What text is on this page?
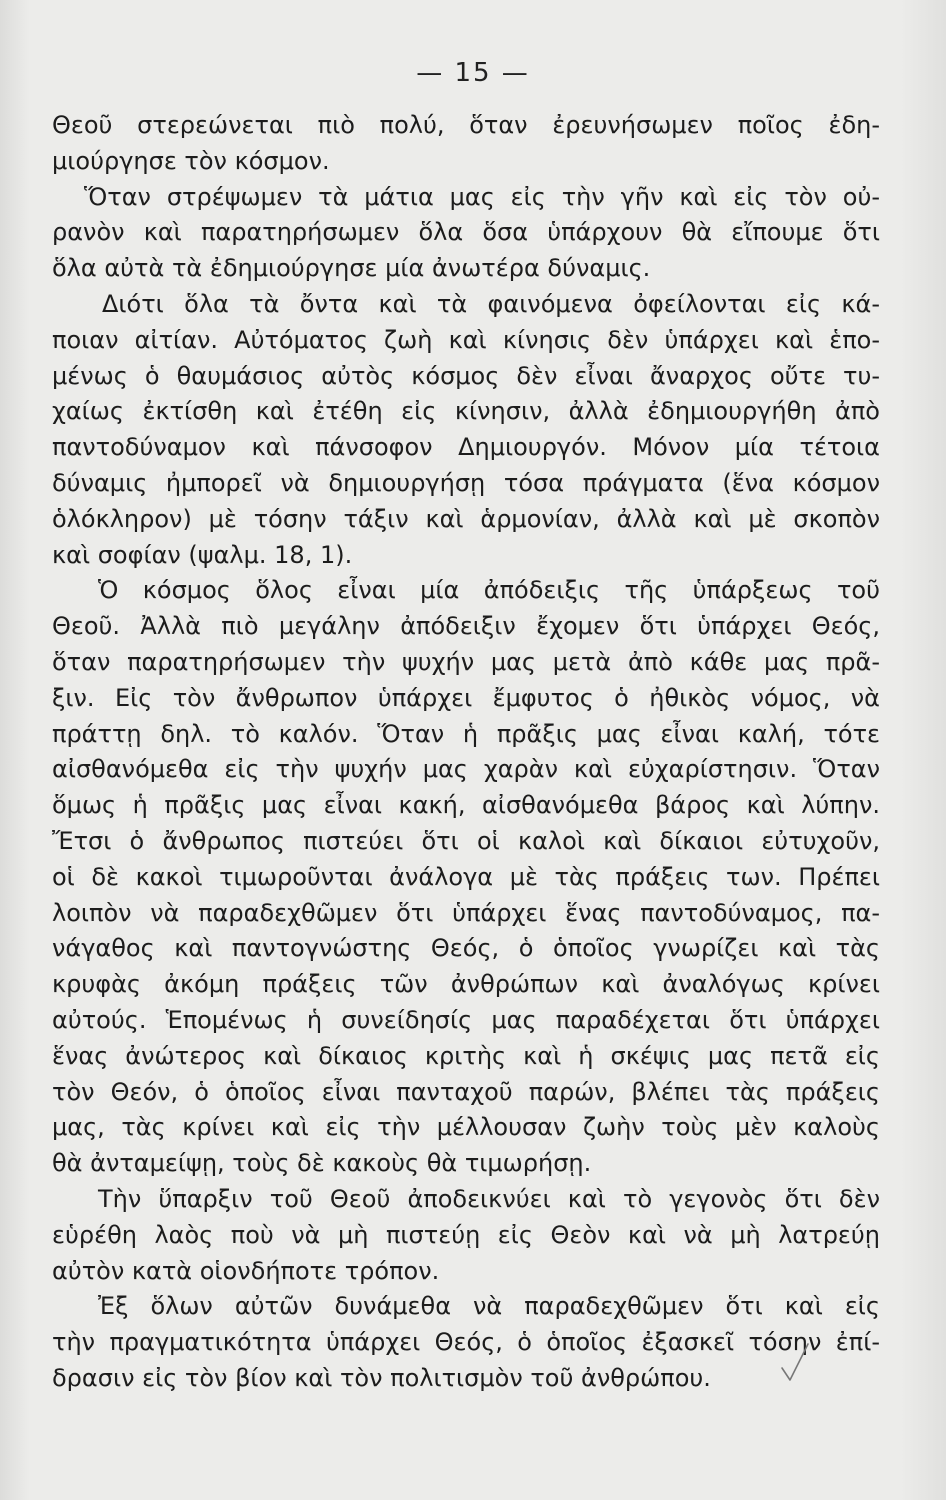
— 15 —
Θεοῦ στερεώνεται πιὸ πολύ, ὅταν ἐρευνήσωμεν ποῖος ἐδη-
μιούργησε τὸν κόσμον.
Ὅταν στρέψωμεν τὰ μάτια μας εἰς τὴν γῆν καὶ εἰς τὸν οὐ-
ρανὸν καὶ παρατηρήσωμεν ὅλα ὅσα ὑπάρχουν θὰ εἴπουμε ὅτι
ὅλα αὐτὰ τὰ ἐδημιούργησε μία ἀνωτέρα δύναμις.
Διότι ὅλα τὰ ὄντα καὶ τὰ φαινόμενα ὀφείλονται εἰς κά-
ποιαν αἰτίαν. Αὐτόματος ζωὴ καὶ κίνησις δὲν ὑπάρχει καὶ ἑπο-
μένως ὁ θαυμάσιος αὐτὸς κόσμος δὲν εἶναι ἄναρχος οὔτε τυ-
χαίως ἐκτίσθη καὶ ἐτέθη εἰς κίνησιν, ἀλλὰ ἐδημιουργήθη ἀπὸ
παντοδύναμον καὶ πάνσοφον Δημιουργόν. Μόνον μία τέτοια
δύναμις ἠμπορεῖ νὰ δημιουργήσῃ τόσα πράγματα (ἕνα κόσμον
ὁλόκληρον) μὲ τόσην τάξιν καὶ ἁρμονίαν, ἀλλὰ καὶ μὲ σκοπὸν
καὶ σοφίαν (ψαλμ. 18, 1).
Ὁ κόσμος ὅλος εἶναι μία ἀπόδειξις τῆς ὑπάρξεως τοῦ
Θεοῦ. Ἀλλὰ πιὸ μεγάλην ἀπόδειξιν ἔχομεν ὅτι ὑπάρχει Θεός,
ὅταν παρατηρήσωμεν τὴν ψυχήν μας μετὰ ἀπὸ κάθε μας πρᾶ-
ξιν. Εἰς τὸν ἄνθρωπον ὑπάρχει ἔμφυτος ὁ ἠθικὸς νόμος, νὰ
πράττῃ δηλ. τὸ καλόν. Ὅταν ἡ πρᾶξις μας εἶναι καλή, τότε
αἰσθανόμεθα εἰς τὴν ψυχήν μας χαρὰν καὶ εὐχαρίστησιν. Ὅταν
ὅμως ἡ πρᾶξις μας εἶναι κακή, αἰσθανόμεθα βάρος καὶ λύπην.
Ἔτσι ὁ ἄνθρωπος πιστεύει ὅτι οἱ καλοὶ καὶ δίκαιοι εὐτυχοῦν,
οἱ δὲ κακοὶ τιμωροῦνται ἀνάλογα μὲ τὰς πράξεις των. Πρέπει
λοιπὸν νὰ παραδεχθῶμεν ὅτι ὑπάρχει ἕνας παντοδύναμος, πα-
νάγαθος καὶ παντογνώστης Θεός, ὁ ὁποῖος γνωρίζει καὶ τὰς
κρυφὰς ἀκόμη πράξεις τῶν ἀνθρώπων καὶ ἀναλόγως κρίνει
αὐτούς. Ἑπομένως ἡ συνείδησίς μας παραδέχεται ὅτι ὑπάρχει
ἕνας ἀνώτερος καὶ δίκαιος κριτὴς καὶ ἡ σκέψις μας πετᾶ εἰς
τὸν Θεόν, ὁ ὁποῖος εἶναι πανταχοῦ παρών, βλέπει τὰς πράξεις
μας, τὰς κρίνει καὶ εἰς τὴν μέλλουσαν ζωὴν τοὺς μὲν καλοὺς
θὰ ἀνταμείψῃ, τοὺς δὲ κακοὺς θὰ τιμωρήσῃ.
Τὴν ὕπαρξιν τοῦ Θεοῦ ἀποδεικνύει καὶ τὸ γεγονὸς ὅτι δὲν
εὑρέθη λαὸς ποὺ νὰ μὴ πιστεύῃ εἰς Θεὸν καὶ νὰ μὴ λατρεύῃ
αὐτὸν κατὰ οἱονδήποτε τρόπον.
Ἐξ ὅλων αὐτῶν δυνάμεθα νὰ παραδεχθῶμεν ὅτι καὶ εἰς
τὴν πραγματικότητα ὑπάρχει Θεός, ὁ ὁποῖος ἐξασκεῖ τόσην ἐπί-
δρασιν εἰς τὸν βίον καὶ τὸν πολιτισμὸν τοῦ ἀνθρώπου.
